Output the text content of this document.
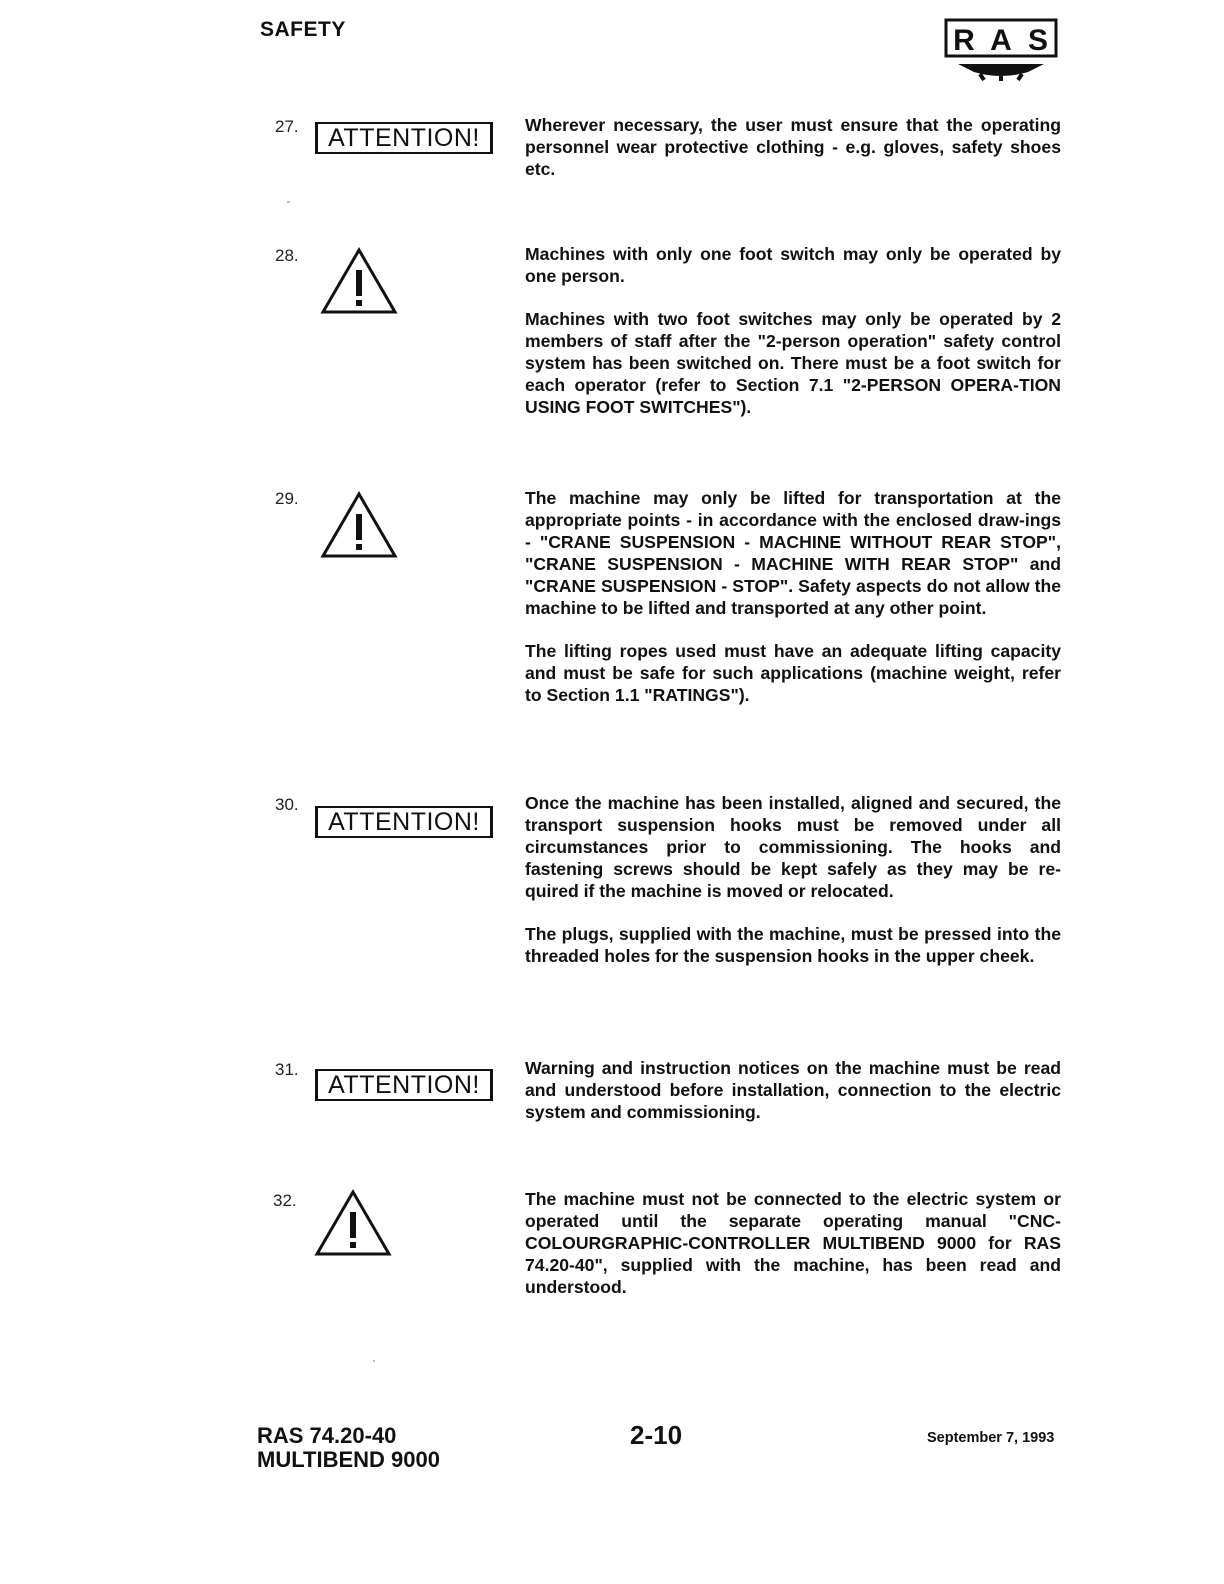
SAFETY	R A S
27.	ATTENTION!	Wherever necessary, the user must ensure that the operating personnel wear protective clothing - e.g. gloves, safety shoes etc.

28.	Machines with only one foot switch may only be operated by one person.

Machines with two foot switches may only be operated by 2 members of staff after the "2-person operation" safety control system has been switched on. There must be a foot switch for each operator (refer to Section 7.1 "2-PERSON OPERA-TION USING FOOT SWITCHES").

29.	The machine may only be lifted for transportation at the appropriate points - in accordance with the enclosed draw-ings - "CRANE SUSPENSION - MACHINE WITHOUT REAR STOP", "CRANE SUSPENSION - MACHINE WITH REAR STOP" and "CRANE SUSPENSION - STOP". Safety aspects do not allow the machine to be lifted and transported at any other point.

The lifting ropes used must have an adequate lifting capacity and must be safe for such applications (machine weight, refer to Section 1.1 "RATINGS").

30.
ATTENTION!

Once the machine has been installed, aligned and secured, the transport suspension hooks must be removed under all circumstances prior to commissioning. The hooks and fastening screws should be kept safely as they may be re-quired if the machine is moved or relocated.

The plugs, supplied with the machine, must be pressed into the threaded holes for the suspension hooks in the upper cheek.

31.
ATTENTION!

Warning and instruction notices on the machine must be read and understood before installation, connection to the electric system and commissioning.

32.	The machine must not be connected to the electric system or operated until the separate operating manual "CNC-COLOURGRAPHIC-CONTROLLER MULTIBEND 9000 for RAS 74.20-40", supplied with the machine, has been read and understood.

RAS 74.20-40
MULTIBEND 9000
2-10	September 7, 1993
